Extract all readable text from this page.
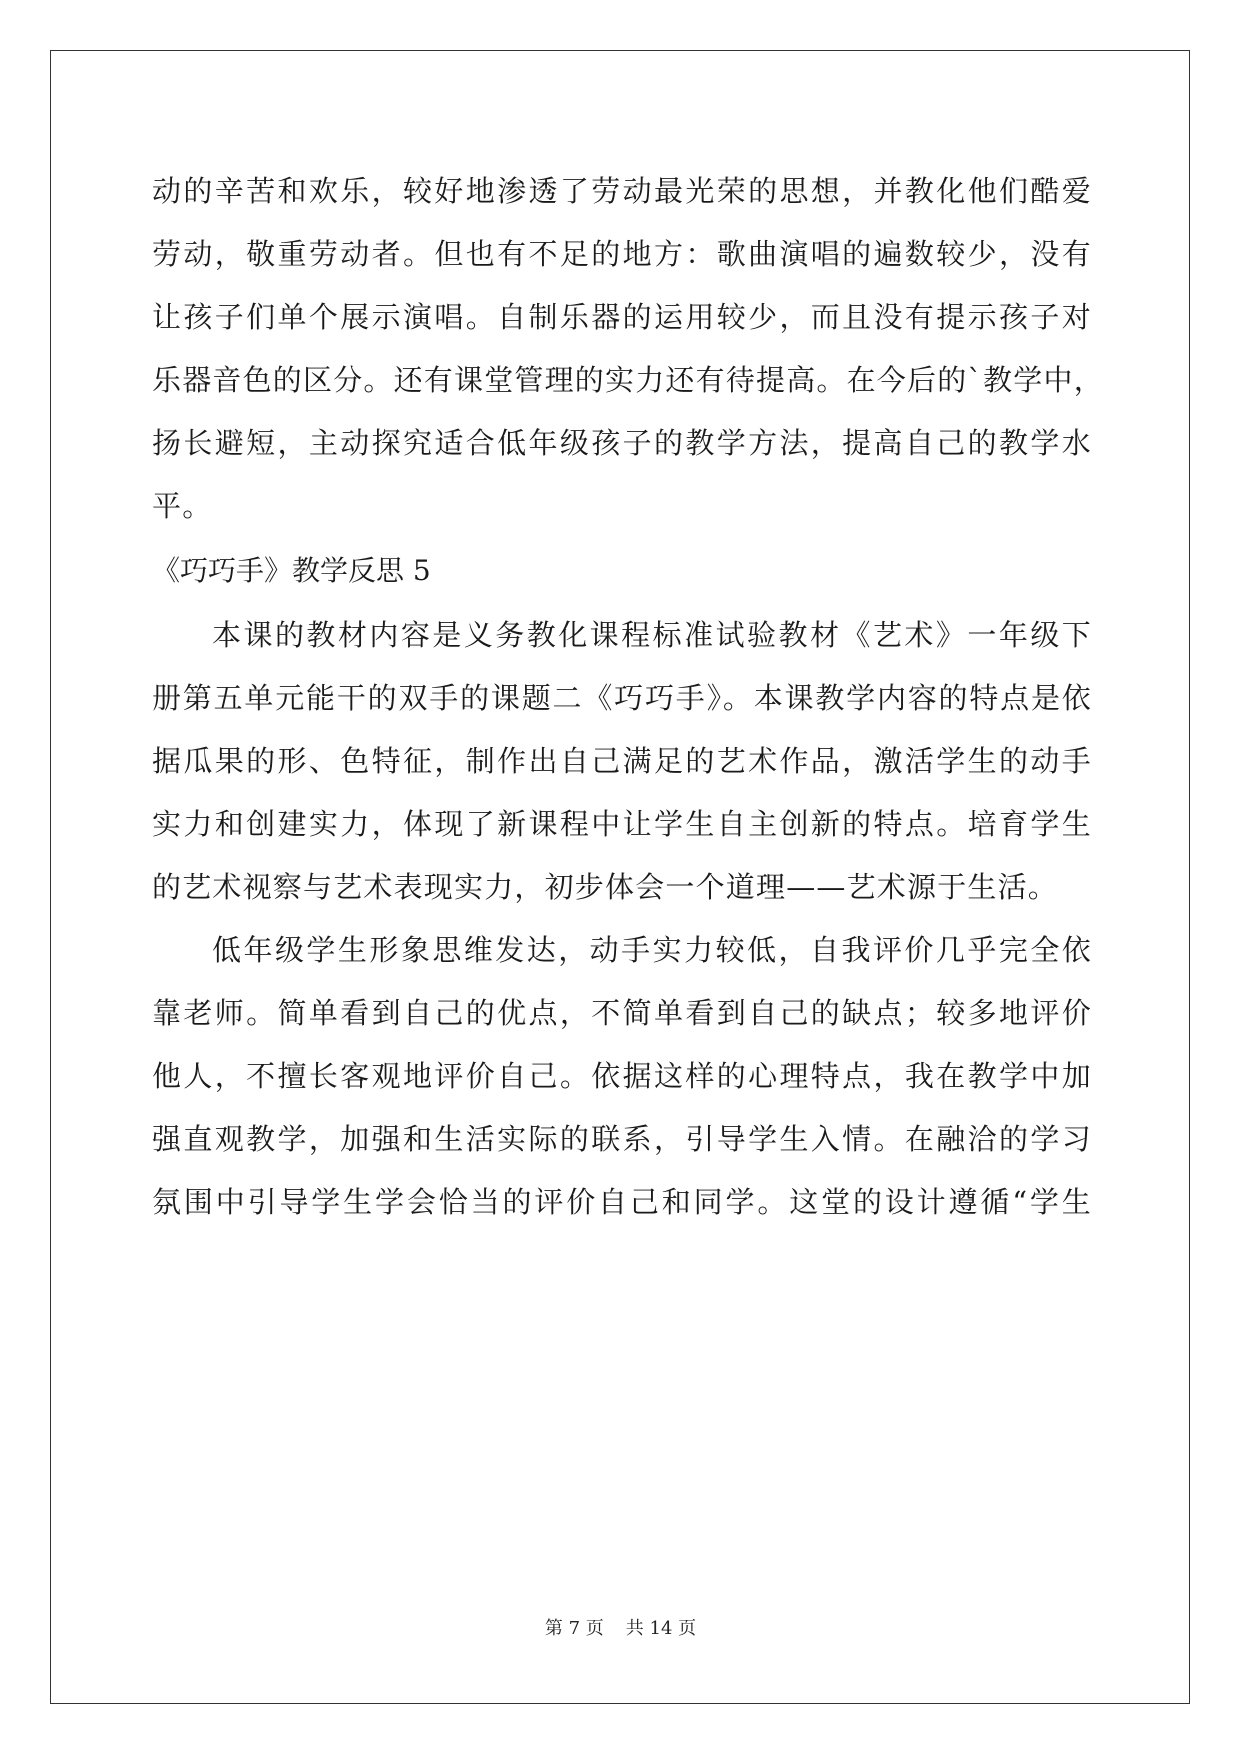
动的辛苦和欢乐，较好地渗透了劳动最光荣的思想，并教化他们酷爱
劳动，敬重劳动者。但也有不足的地方：歌曲演唱的遍数较少，没有
让孩子们单个展示演唱。自制乐器的运用较少，而且没有提示孩子对
乐器音色的区分。还有课堂管理的实力还有待提高。在今后的`教学中，
扬长避短，主动探究适合低年级孩子的教学方法，提高自己的教学水
平。
《巧巧手》教学反思 5
本课的教材内容是义务教化课程标准试验教材《艺术》一年级下
册第五单元能干的双手的课题二《巧巧手》。本课教学内容的特点是依
据瓜果的形、色特征，制作出自己满足的艺术作品，激活学生的动手
实力和创建实力，体现了新课程中让学生自主创新的特点。培育学生
的艺术视察与艺术表现实力，初步体会一个道理——艺术源于生活。
低年级学生形象思维发达，动手实力较低，自我评价几乎完全依
靠老师。简单看到自己的优点，不简单看到自己的缺点；较多地评价
他人，不擅长客观地评价自己。依据这样的心理特点，我在教学中加
强直观教学，加强和生活实际的联系，引导学生入情。在融洽的学习
氛围中引导学生学会恰当的评价自己和同学。这堂的设计遵循“学生
第 7 页 共 14 页
